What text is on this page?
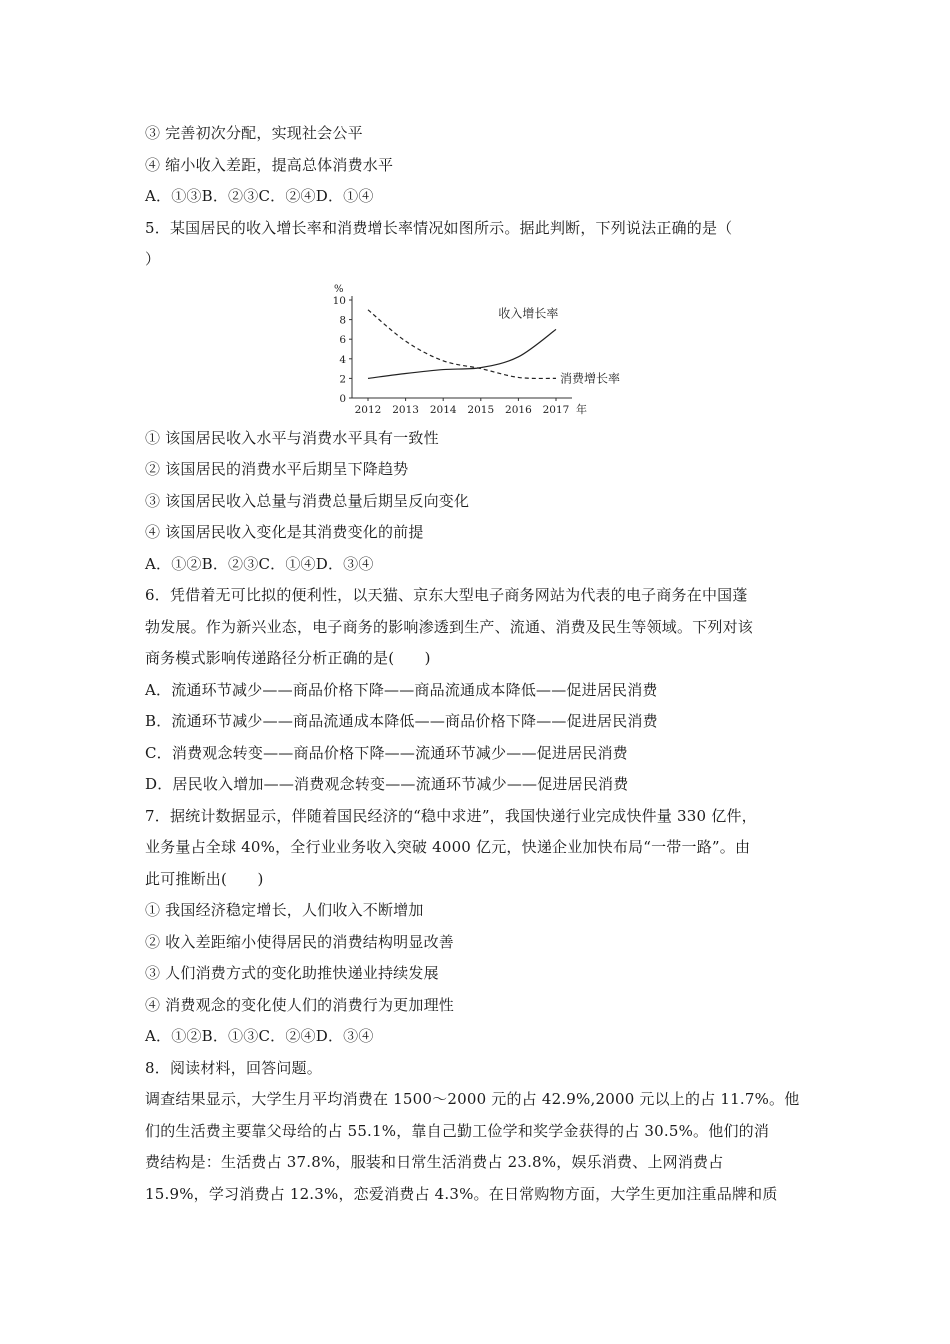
③ 完善初次分配，实现社会公平
④ 缩小收入差距，提高总体消费水平
A．①③B．②③C．②④D．①④
5．某国居民的收入增长率和消费增长率情况如图所示。据此判断，下列说法正确的是（
）
0
2
4
6
8
10
2012 2013 2014 2015 2016 2017
%
年
收入增长率
消费增长率
① 该国居民收入水平与消费水平具有一致性
② 该国居民的消费水平后期呈下降趋势
③ 该国居民收入总量与消费总量后期呈反向变化
④ 该国居民收入变化是其消费变化的前提
A．①②B．②③C．①④D．③④
6．凭借着无可比拟的便利性，以天猫、京东大型电子商务网站为代表的电子商务在中国蓬
勃发展。作为新兴业态，电子商务的影响渗透到生产、流通、消费及民生等领域。下列对该
商务模式影响传递路径分析正确的是(　　)
A．流通环节减少——商品价格下降——商品流通成本降低——促进居民消费
B．流通环节减少——商品流通成本降低——商品价格下降——促进居民消费
C．消费观念转变——商品价格下降——流通环节减少——促进居民消费
D．居民收入增加——消费观念转变——流通环节减少——促进居民消费
7．据统计数据显示，伴随着国民经济的“稳中求进”，我国快递行业完成快件量 330 亿件，
业务量占全球 40%，全行业业务收入突破 4000 亿元，快递企业加快布局“一带一路”。由
此可推断出(　　)
① 我国经济稳定增长，人们收入不断增加
② 收入差距缩小使得居民的消费结构明显改善
③ 人们消费方式的变化助推快递业持续发展
④ 消费观念的变化使人们的消费行为更加理性
A．①②B．①③C．②④D．③④
8．阅读材料，回答问题。
调查结果显示，大学生月平均消费在 1500～2000 元的占 42.9%,2000 元以上的占 11.7%。他
们的生活费主要靠父母给的占 55.1%，靠自己勤工俭学和奖学金获得的占 30.5%。他们的消
费结构是：生活费占 37.8%，服装和日常生活消费占 23.8%，娱乐消费、上网消费占
15.9%，学习消费占 12.3%，恋爱消费占 4.3%。在日常购物方面，大学生更加注重品牌和质
